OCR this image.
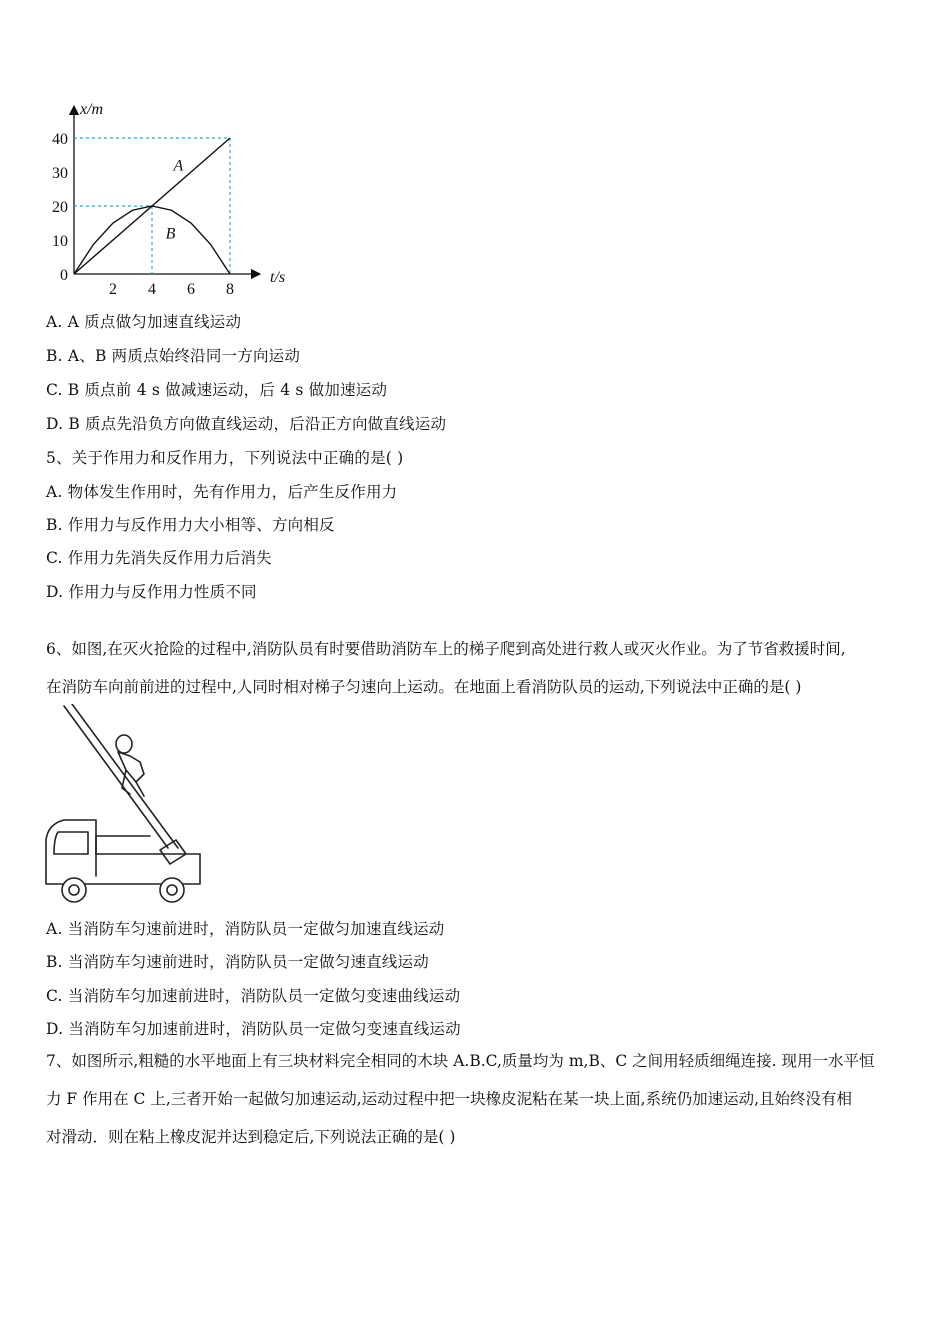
A
B
0
10
20
30
40
2 4 6 8
t/s
x/m
A. A 质点做匀加速直线运动
B. A、B 两质点始终沿同一方向运动
C. B 质点前 4 s 做减速运动，后 4 s 做加速运动
D. B 质点先沿负方向做直线运动，后沿正方向做直线运动
5、关于作用力和反作用力，下列说法中正确的是( )
A. 物体发生作用时，先有作用力，后产生反作用力
B. 作用力与反作用力大小相等、方向相反
C. 作用力先消失反作用力后消失
D. 作用力与反作用力性质不同
6、如图,在灭火抢险的过程中,消防队员有时要借助消防车上的梯子爬到高处进行救人或灭火作业。为了节省救援时间,
在消防车向前前进的过程中,人同时相对梯子匀速向上运动。在地面上看消防队员的运动,下列说法中正确的是( )
A. 当消防车匀速前进时，消防队员一定做匀加速直线运动
B. 当消防车匀速前进时，消防队员一定做匀速直线运动
C. 当消防车匀加速前进时，消防队员一定做匀变速曲线运动
D. 当消防车匀加速前进时，消防队员一定做匀变速直线运动
7、如图所示,粗糙的水平地面上有三块材料完全相同的木块 A.B.C,质量均为 m,B、C 之间用轻质细绳连接. 现用一水平恒
力 F 作用在 C 上,三者开始一起做匀加速运动,运动过程中把一块橡皮泥粘在某一块上面,系统仍加速运动,且始终没有相
对滑动．则在粘上橡皮泥并达到稳定后,下列说法正确的是( )
